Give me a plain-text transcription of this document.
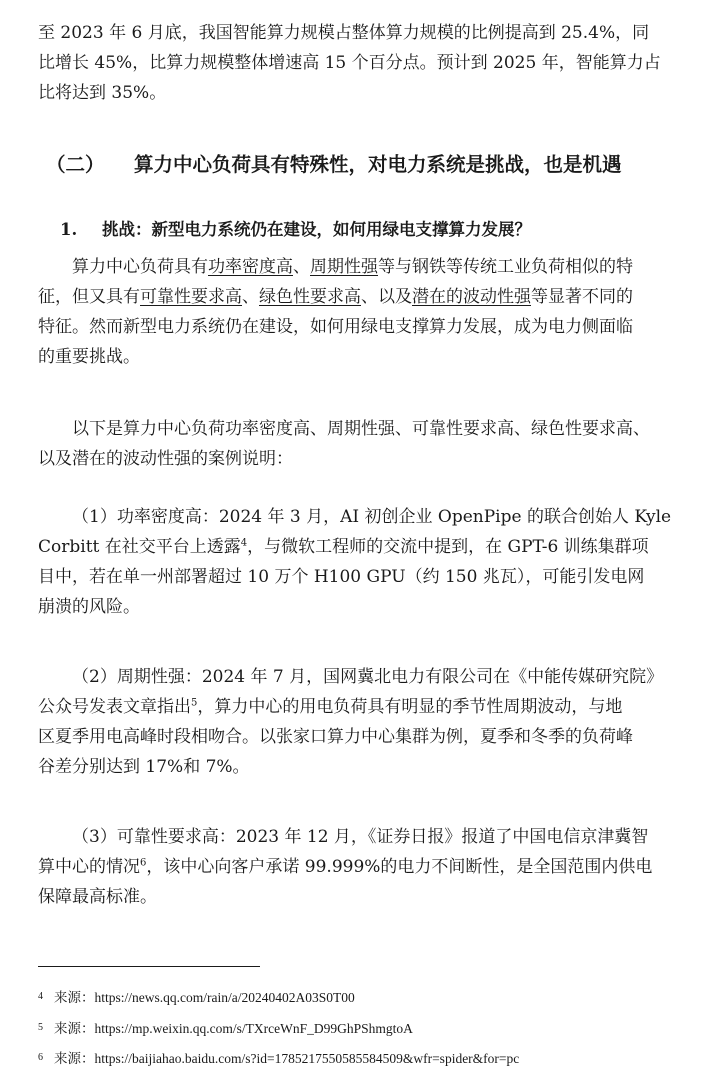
至 2023 年 6 月底，我国智能算力规模占整体算力规模的比例提高到 25.4%，同
比增长 45%，比算力规模整体增速高 15 个百分点。预计到 2025 年，智能算力占
比将达到 35%。
（二） 算力中心负荷具有特殊性，对电力系统是挑战，也是机遇
1. 挑战：新型电力系统仍在建设，如何用绿电支撑算力发展？
算力中心负荷具有功率密度高、周期性强等与钢铁等传统工业负荷相似的特
征，但又具有可靠性要求高、绿色性要求高、以及潜在的波动性强等显著不同的
特征。然而新型电力系统仍在建设，如何用绿电支撑算力发展，成为电力侧面临
的重要挑战。
以下是算力中心负荷功率密度高、周期性强、可靠性要求高、绿色性要求高、
以及潜在的波动性强的案例说明：
（1）功率密度高：2024 年 3 月，AI 初创企业 OpenPipe 的联合创始人 Kyle
Corbitt 在社交平台上透露$^4$，与微软工程师的交流中提到，在 GPT-6 训练集群项
目中，若在单一州部署超过 10 万个 H100 GPU（约 150 兆瓦），可能引发电网
崩溃的风险。
（2）周期性强：2024 年 7 月，国网冀北电力有限公司在《中能传媒研究院》
公众号发表文章指出$^5$，算力中心的用电负荷具有明显的季节性周期波动，与地
区夏季用电高峰时段相吻合。以张家口算力中心集群为例，夏季和冬季的负荷峰
谷差分别达到 17%和 7%。
（3）可靠性要求高：2023 年 12 月，《证券日报》报道了中国电信京津冀智
算中心的情况$^6$，该中心向客户承诺 99.999%的电力不间断性，是全国范围内供电
保障最高标准。
4 来源：https://news.qq.com/rain/a/20240402A03S0T00
5 来源：https://mp.weixin.qq.com/s/TXrceWnF_D99GhPShmgtoA
6 来源：https://baijiahao.baidu.com/s?id=1785217550585584509&wfr=spider&for=pc
